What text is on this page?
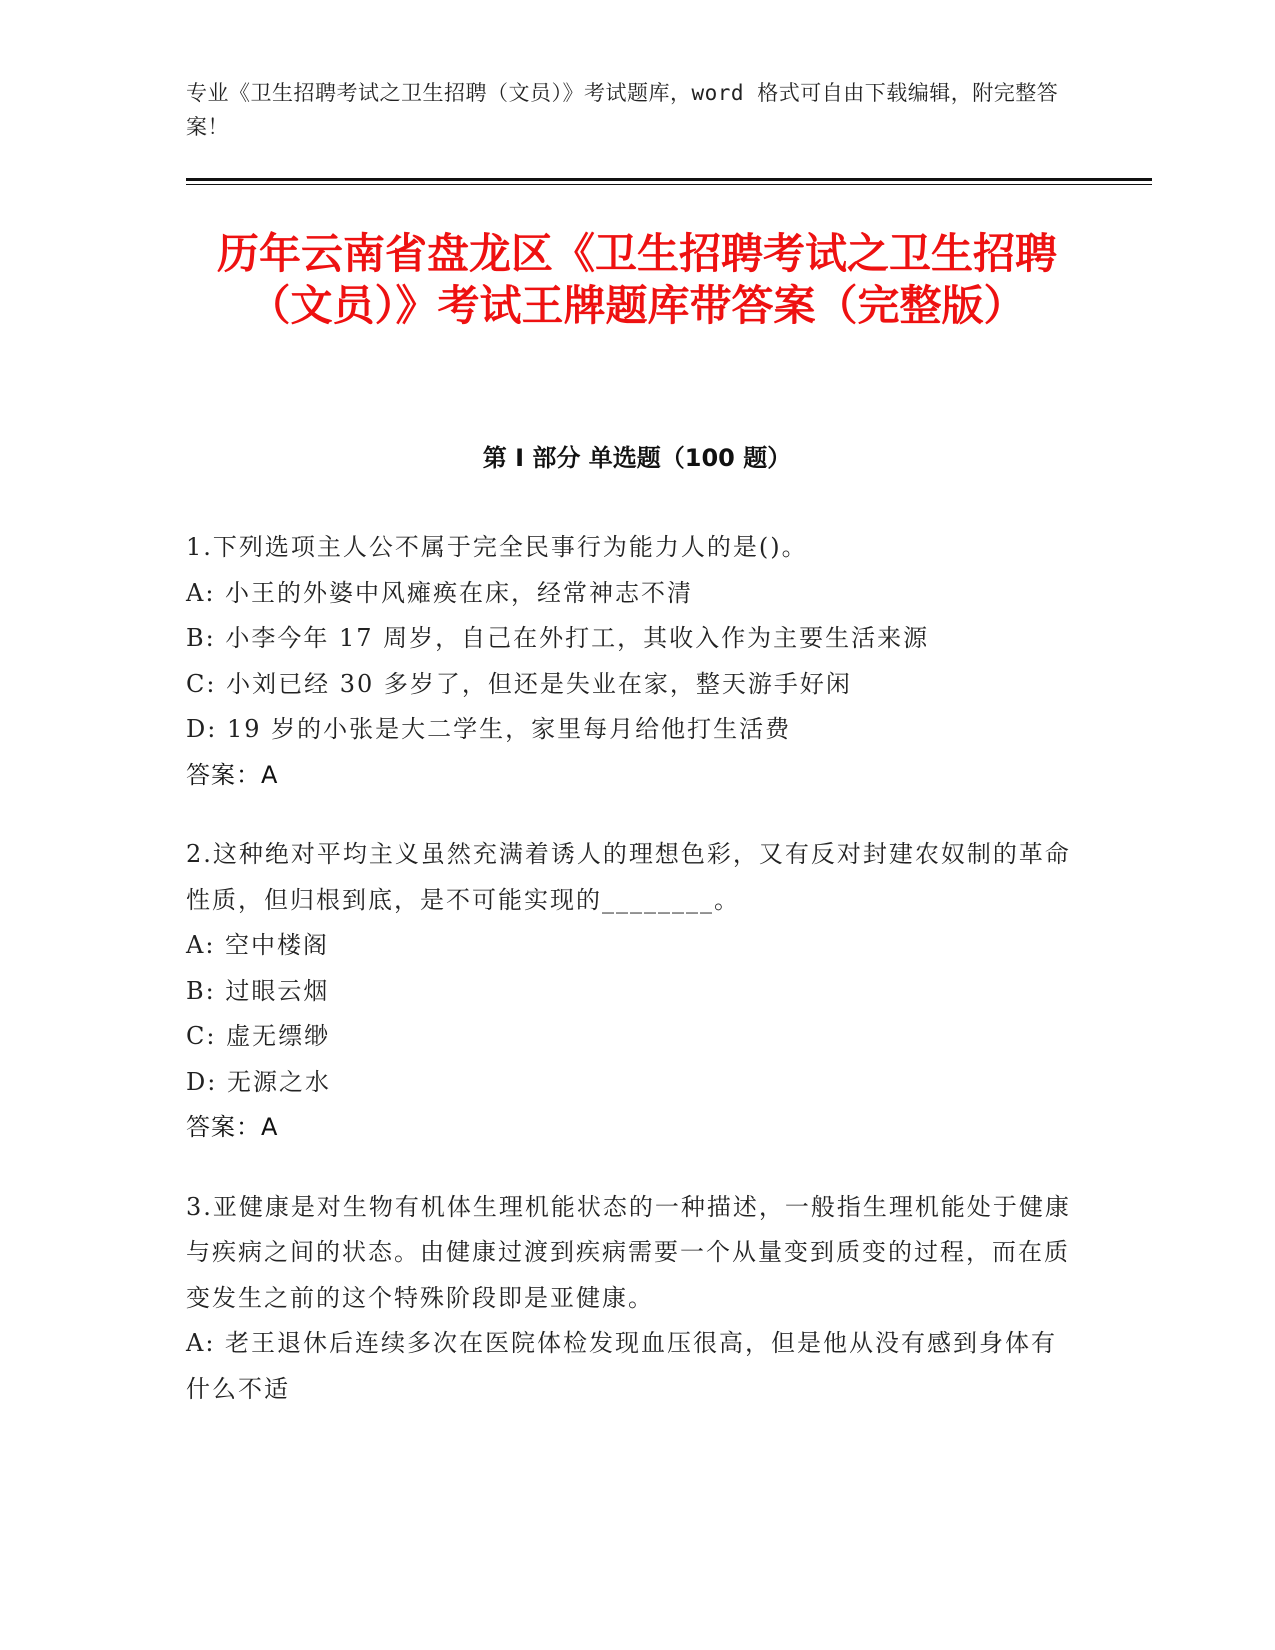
专业《卫生招聘考试之卫生招聘（文员）》考试题库，word 格式可自由下载编辑，附完整答案！
历年云南省盘龙区《卫生招聘考试之卫生招聘（文员）》考试王牌题库带答案（完整版）
第 I 部分 单选题（100 题）
1.下列选项主人公不属于完全民事行为能力人的是()。
A: 小王的外婆中风瘫痪在床，经常神志不清
B: 小李今年 17 周岁，自己在外打工，其收入作为主要生活来源
C: 小刘已经 30 多岁了，但还是失业在家，整天游手好闲
D: 19 岁的小张是大二学生，家里每月给他打生活费
答案：A
2.这种绝对平均主义虽然充满着诱人的理想色彩，又有反对封建农奴制的革命性质，但归根到底，是不可能实现的________。
A: 空中楼阁
B: 过眼云烟
C: 虚无缥缈
D: 无源之水
答案：A
3.亚健康是对生物有机体生理机能状态的一种描述，一般指生理机能处于健康与疾病之间的状态。由健康过渡到疾病需要一个从量变到质变的过程，而在质变发生之前的这个特殊阶段即是亚健康。
A: 老王退休后连续多次在医院体检发现血压很高，但是他从没有感到身体有什么不适
